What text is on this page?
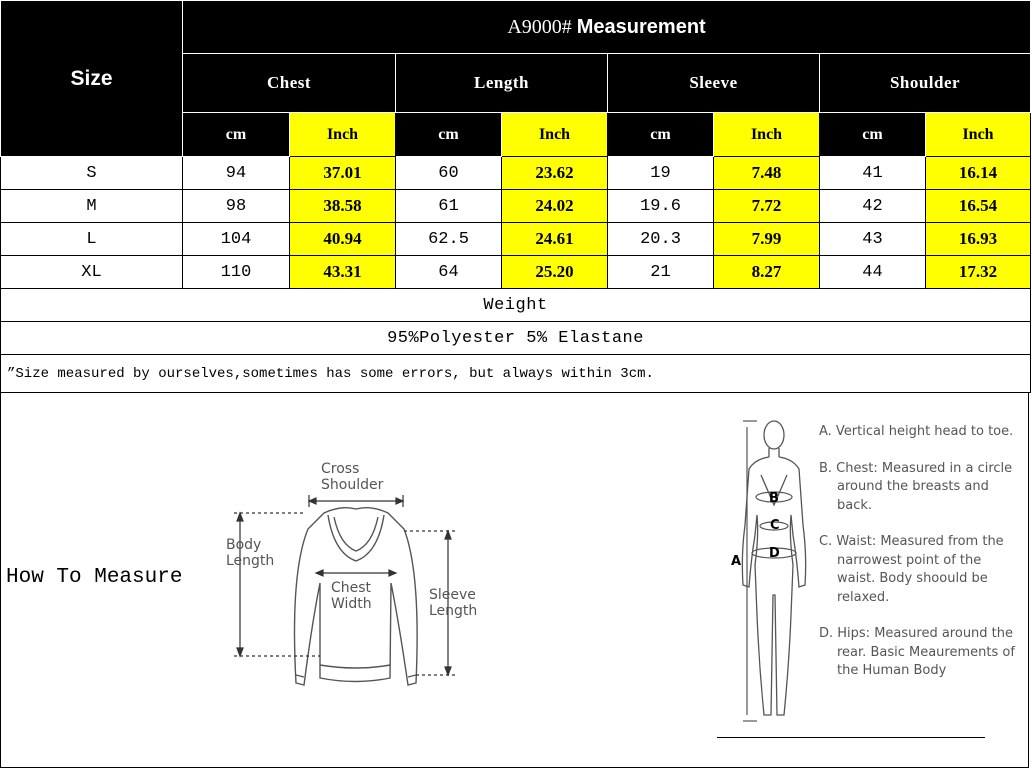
Size	A9000# Measurement							
	Chest		Length		Sleeve		Shoulder	
	cm	Inch	cm	Inch	cm	Inch	cm	Inch
S	94	37.01	60	23.62	19	7.48	41	16.14
M	98	38.58	61	24.02	19.6	7.72	42	16.54
L	104	40.94	62.5	24.61	20.3	7.99	43	16.93
XL	110	43.31	64	25.20	21	8.27	44	17.32
Weight								
95%Polyester 5% Elastane								
”Size measured by ourselves,sometimes has some errors, but always within 3cm.								
How To Measure
Cross
Shoulder
Body
Length
Chest
Width
Sleeve
Length
B
C
D
A
A. Vertical height head to toe.
B. Chest: Measured in a circle around the breasts and back.
C. Waist: Measured from the narrowest point of the waist. Body shoould be relaxed.
D. Hips: Measured around the rear. Basic Meaurements of the Human Body
